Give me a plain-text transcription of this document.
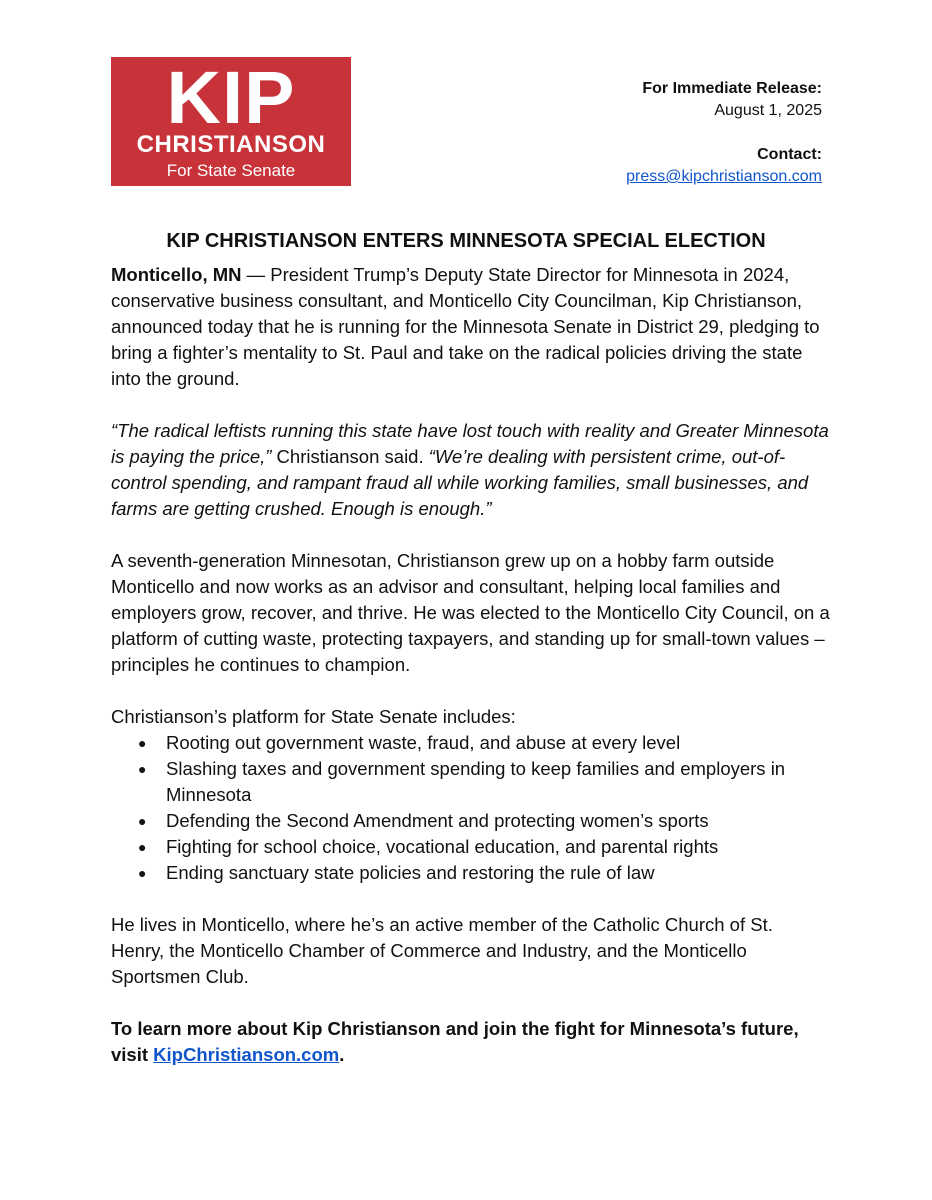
KIP
CHRISTIANSON
For State Senate
For Immediate Release:
August 1, 2025
Contact:
press@kipchristianson.com
KIP CHRISTIANSON ENTERS MINNESOTA SPECIAL ELECTION

Monticello, MN — President Trump’s Deputy State Director for Minnesota in 2024, conservative business consultant, and Monticello City Councilman, Kip Christianson, announced today that he is running for the Minnesota Senate in District 29, pledging to bring a fighter’s mentality to St. Paul and take on the radical policies driving the state into the ground.

“The radical leftists running this state have lost touch with reality and Greater Minnesota is paying the price,” Christianson said. “We’re dealing with persistent crime, out-of-control spending, and rampant fraud all while working families, small businesses, and farms are getting crushed. Enough is enough.”

A seventh-generation Minnesotan, Christianson grew up on a hobby farm outside Monticello and now works as an advisor and consultant, helping local families and employers grow, recover, and thrive. He was elected to the Monticello City Council, on a platform of cutting waste, protecting taxpayers, and standing up for small-town values – principles he continues to champion.

Christianson’s platform for State Senate includes:
● Rooting out government waste, fraud, and abuse at every level
● Slashing taxes and government spending to keep families and employers in Minnesota
● Defending the Second Amendment and protecting women’s sports
● Fighting for school choice, vocational education, and parental rights
● Ending sanctuary state policies and restoring the rule of law

He lives in Monticello, where he’s an active member of the Catholic Church of St. Henry, the Monticello Chamber of Commerce and Industry, and the Monticello Sportsmen Club.

To learn more about Kip Christianson and join the fight for Minnesota’s future, visit KipChristianson.com.
